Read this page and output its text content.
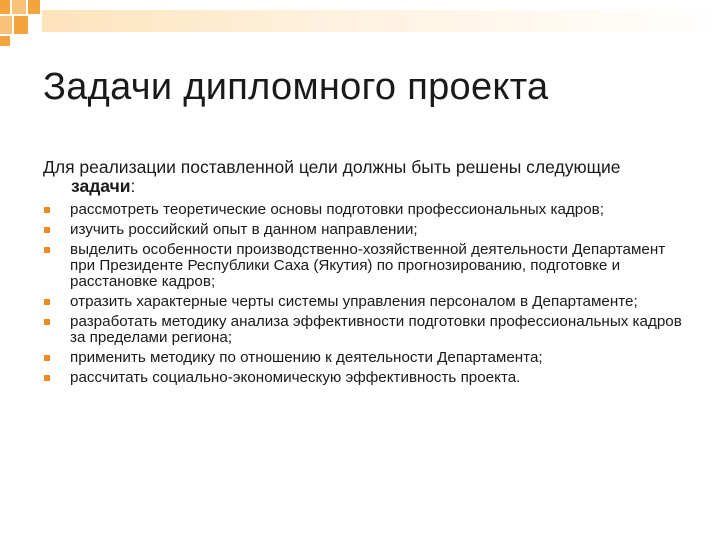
Задачи дипломного проекта

Для реализации поставленной цели должны быть решены следующие задачи:

рассмотреть теоретические основы подготовки профессиональных кадров;
изучить российский опыт в данном направлении;
выделить особенности производственно-хозяйственной деятельности Департамент при Президенте Республики Саха (Якутия) по прогнозированию, подготовке и расстановке кадров;
отразить характерные черты системы управления персоналом в Департаменте;
разработать методику анализа эффективности подготовки профессиональных кадров за пределами региона;
применить методику по отношению к деятельности Департамента;
рассчитать социально-экономическую эффективность проекта.
